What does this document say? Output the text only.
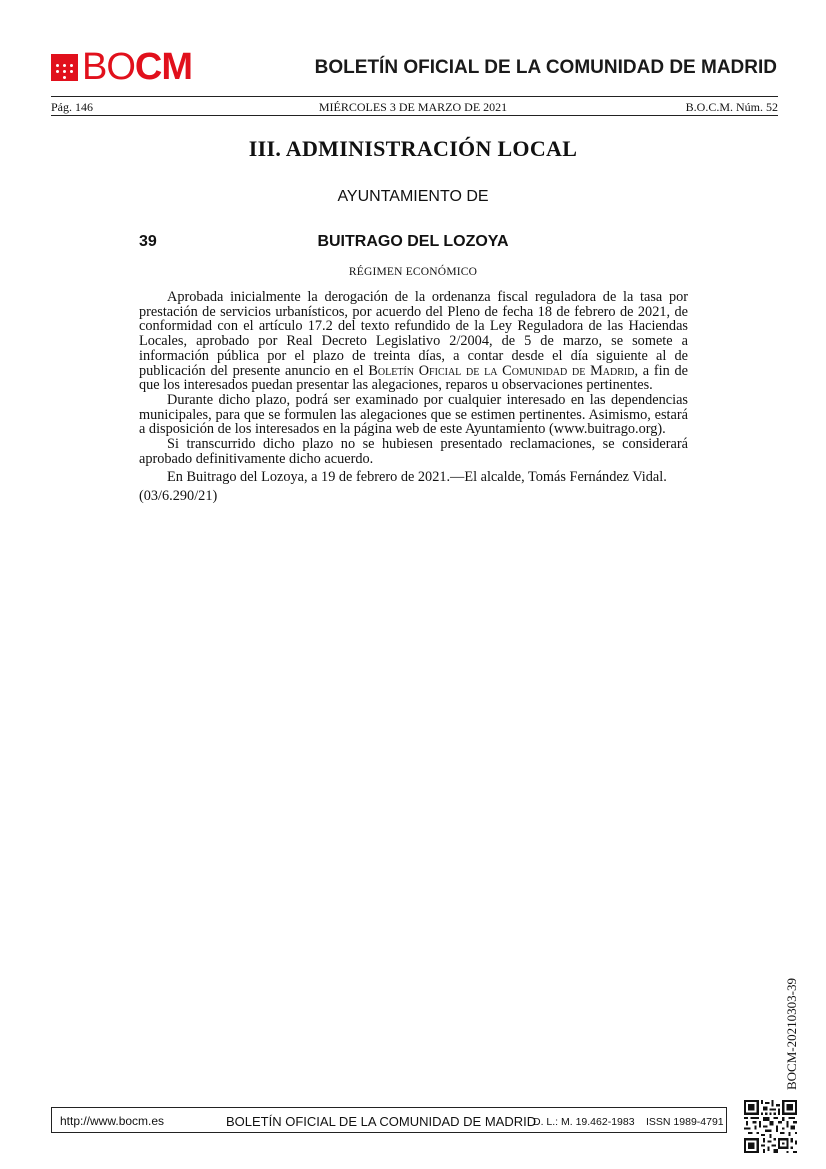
BOCM	BOLETÍN OFICIAL DE LA COMUNIDAD DE MADRID
Pág. 146	MIÉRCOLES 3 DE MARZO DE 2021	B.O.C.M. Núm. 52
III. ADMINISTRACIÓN LOCAL
AYUNTAMIENTO DE
39	BUITRAGO DEL LOZOYA
RÉGIMEN ECONÓMICO

Aprobada inicialmente la derogación de la ordenanza fiscal reguladora de la tasa por prestación de servicios urbanísticos, por acuerdo del Pleno de fecha 18 de febrero de 2021, de conformidad con el artículo 17.2 del texto refundido de la Ley Reguladora de las Haciendas Locales, aprobado por Real Decreto Legislativo 2/2004, de 5 de marzo, se somete a información pública por el plazo de treinta días, a contar desde el día siguiente al de publicación del presente anuncio en el Boletín Oficial de la Comunidad de Madrid, a fin de que los interesados puedan presentar las alegaciones, reparos u observaciones pertinentes.

Durante dicho plazo, podrá ser examinado por cualquier interesado en las dependencias municipales, para que se formulen las alegaciones que se estimen pertinentes. Asimismo, estará a disposición de los interesados en la página web de este Ayuntamiento (www.buitrago.org).

Si transcurrido dicho plazo no se hubiesen presentado reclamaciones, se considerará aprobado definitivamente dicho acuerdo.

En Buitrago del Lozoya, a 19 de febrero de 2021.—El alcalde, Tomás Fernández Vidal.

(03/6.290/21)

BOCM-20210303-39
http://www.bocm.es	BOLETÍN OFICIAL DE LA COMUNIDAD DE MADRID
D. L.: M. 19.462-1983 ISSN 1989-4791
